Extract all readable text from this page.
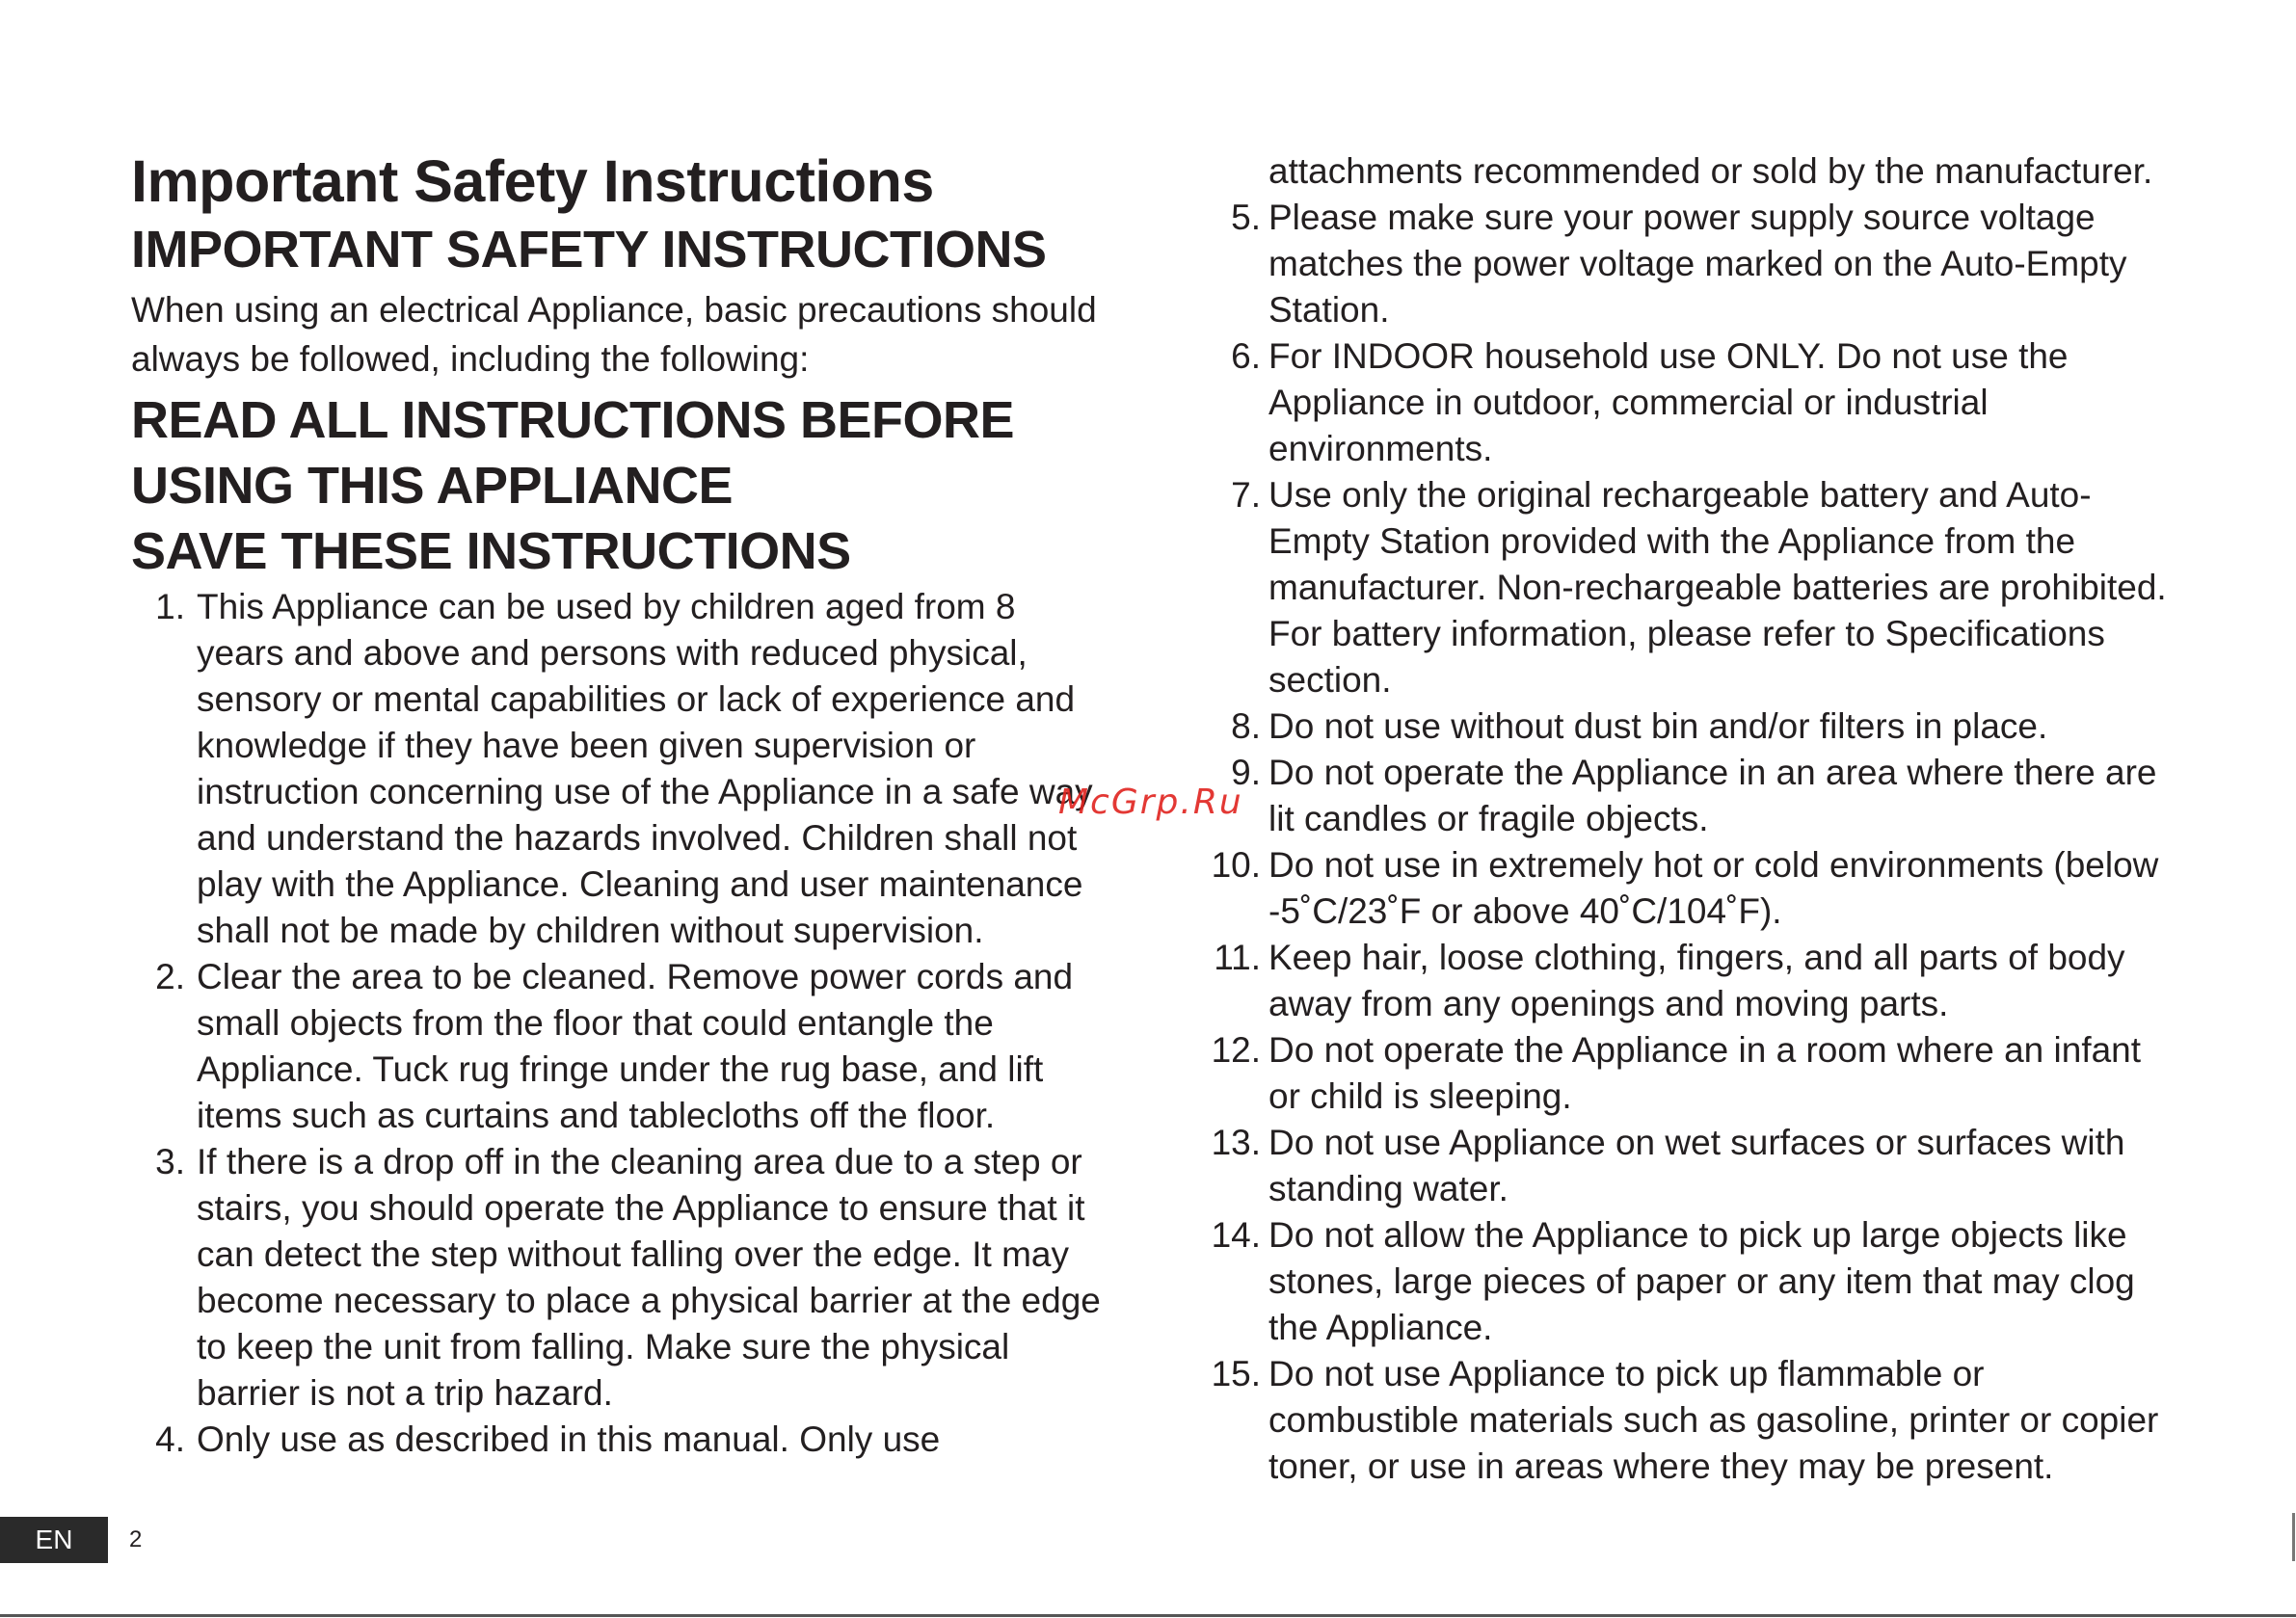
Important Safety Instructions
IMPORTANT SAFETY INSTRUCTIONS

When using an electrical Appliance, basic precautions should always be followed, including the following:

READ ALL INSTRUCTIONS BEFORE
USING THIS APPLIANCE
SAVE THESE INSTRUCTIONS
1. This Appliance can be used by children aged from 8 years and above and persons with reduced physical, sensory or mental capabilities or lack of experience and knowledge if they have been given supervision or instruction concerning use of the Appliance in a safe way and understand the hazards involved. Children shall not play with the Appliance. Cleaning and user maintenance shall not be made by children without supervision.
2. Clear the area to be cleaned. Remove power cords and small objects from the floor that could entangle the Appliance. Tuck rug fringe under the rug base, and lift items such as curtains and tablecloths off the floor.
3. If there is a drop off in the cleaning area due to a step or stairs, you should operate the Appliance to ensure that it can detect the step without falling over the edge. It may become necessary to place a physical barrier at the edge to keep the unit from falling. Make sure the physical barrier is not a trip hazard.
4. Only use as described in this manual. Only use
attachments recommended or sold by the manufacturer.
5. Please make sure your power supply source voltage matches the power voltage marked on the Auto-Empty Station.
6. For INDOOR household use ONLY. Do not use the Appliance in outdoor, commercial or industrial environments.
7. Use only the original rechargeable battery and Auto-Empty Station provided with the Appliance from the manufacturer. Non-rechargeable batteries are prohibited. For battery information, please refer to Specifications section.
8. Do not use without dust bin and/or filters in place.
9. Do not operate the Appliance in an area where there are lit candles or fragile objects.
10. Do not use in extremely hot or cold environments (below -5˚C/23˚F or above 40˚C/104˚F).
11. Keep hair, loose clothing, fingers, and all parts of body away from any openings and moving parts.
12. Do not operate the Appliance in a room where an infant or child is sleeping.
13. Do not use Appliance on wet surfaces or surfaces with standing water.
14. Do not allow the Appliance to pick up large objects like stones, large pieces of paper or any item that may clog the Appliance.
15. Do not use Appliance to pick up flammable or combustible materials such as gasoline, printer or copier toner, or use in areas where they may be present.
McGrp.Ru
EN	2
